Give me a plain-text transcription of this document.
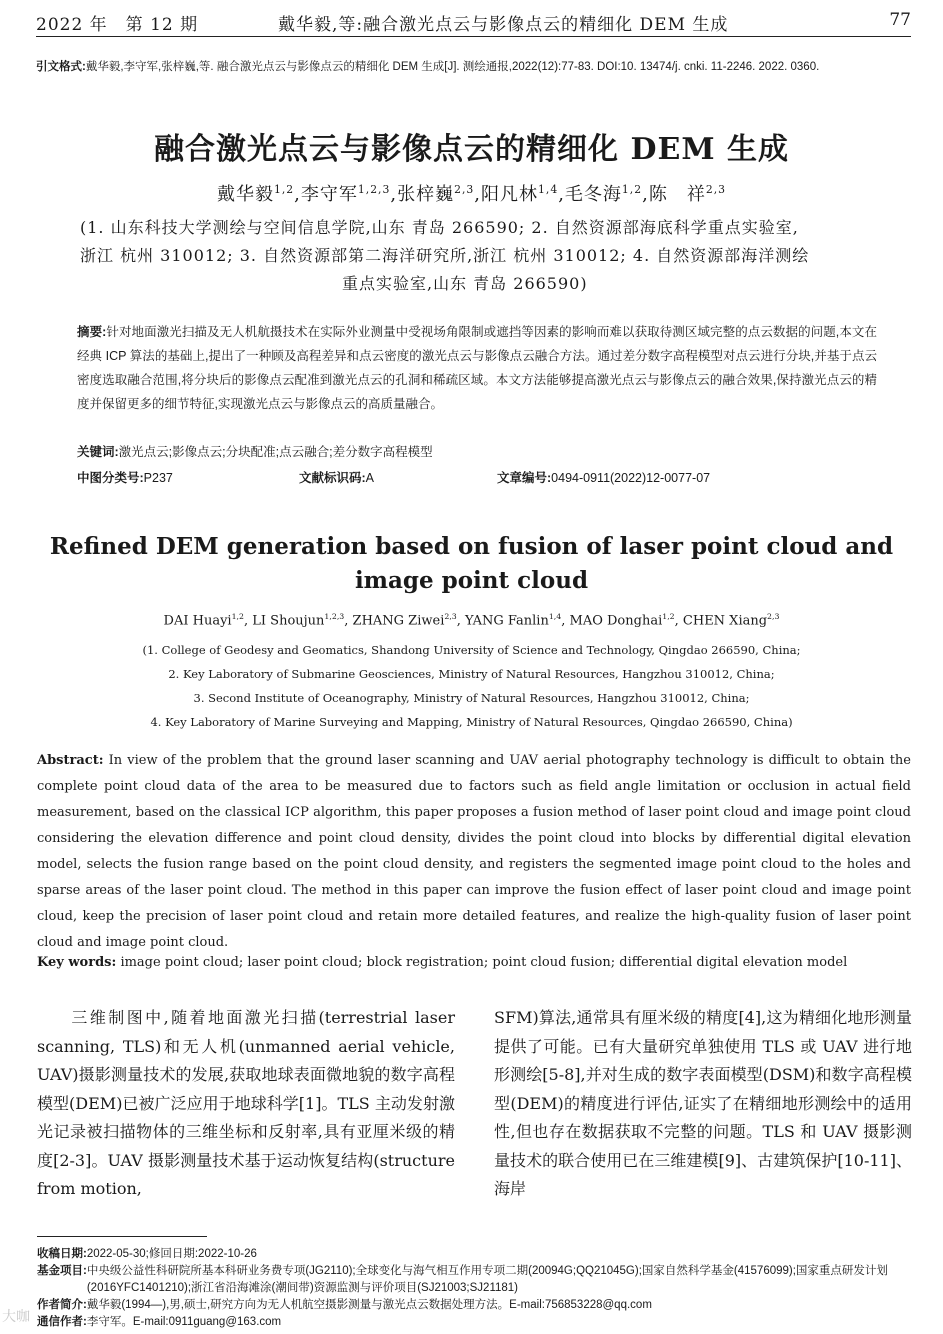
2022 年　第 12 期	戴华毅,等:融合激光点云与影像点云的精细化 DEM 生成	77
引文格式:戴华毅,李守军,张梓巍,等. 融合激光点云与影像点云的精细化 DEM 生成[J]. 测绘通报,2022(12):77-83. DOI:10. 13474/j. cnki. 11-2246. 2022. 0360.
融合激光点云与影像点云的精细化 DEM 生成
戴华毅$^{1,2}$,李守军$^{1,2,3}$,张梓巍$^{2,3}$,阳凡林$^{1,4}$,毛冬海$^{1,2}$,陈　祥$^{2,3}$
(1. 山东科技大学测绘与空间信息学院,山东 青岛 266590; 2. 自然资源部海底科学重点实验室,
浙江 杭州 310012; 3. 自然资源部第二海洋研究所,浙江 杭州 310012; 4. 自然资源部海洋测绘
重点实验室,山东 青岛 266590)
摘要:针对地面激光扫描及无人机航摄技术在实际外业测量中受视场角限制或遮挡等因素的影响而难以获取待测区域完整的点云数据的问题,本文在经典 ICP 算法的基础上,提出了一种顾及高程差异和点云密度的激光点云与影像点云融合方法。通过差分数字高程模型对点云进行分块,并基于点云密度选取融合范围,将分块后的影像点云配准到激光点云的孔洞和稀疏区域。本文方法能够提高激光点云与影像点云的融合效果,保持激光点云的精度并保留更多的细节特征,实现激光点云与影像点云的高质量融合。
关键词:激光点云;影像点云;分块配准;点云融合;差分数字高程模型
中图分类号:P237	文献标识码:A	文章编号:0494-0911(2022)12-0077-07
Refined DEM generation based on fusion of laser point cloud and
image point cloud
DAI Huayi$^{1,2}$, LI Shoujun$^{1,2,3}$, ZHANG Ziwei$^{2,3}$, YANG Fanlin$^{1,4}$, MAO Donghai$^{1,2}$, CHEN Xiang$^{2,3}$
(1. College of Geodesy and Geomatics, Shandong University of Science and Technology, Qingdao 266590, China;
2. Key Laboratory of Submarine Geosciences, Ministry of Natural Resources, Hangzhou 310012, China;
3. Second Institute of Oceanography, Ministry of Natural Resources, Hangzhou 310012, China;
4. Key Laboratory of Marine Surveying and Mapping, Ministry of Natural Resources, Qingdao 266590, China)
Abstract: In view of the problem that the ground laser scanning and UAV aerial photography technology is difficult to obtain the complete point cloud data of the area to be measured due to factors such as field angle limitation or occlusion in actual field measurement, based on the classical ICP algorithm, this paper proposes a fusion method of laser point cloud and image point cloud considering the elevation difference and point cloud density, divides the point cloud into blocks by differential digital elevation model, selects the fusion range based on the point cloud density, and registers the segmented image point cloud to the holes and sparse areas of the laser point cloud. The method in this paper can improve the fusion effect of laser point cloud and image point cloud, keep the precision of laser point cloud and retain more detailed features, and realize the high-quality fusion of laser point cloud and image point cloud.
Key words: image point cloud; laser point cloud; block registration; point cloud fusion; differential digital elevation model
三维制图中,随着地面激光扫描(terrestrial laser scanning, TLS)和无人机(unmanned aerial vehicle, UAV)摄影测量技术的发展,获取地球表面微地貌的数字高程模型(DEM)已被广泛应用于地球科学[1]。TLS 主动发射激光记录被扫描物体的三维坐标和反射率,具有亚厘米级的精度[2-3]。UAV 摄影测量技术基于运动恢复结构(structure from motion,
SFM)算法,通常具有厘米级的精度[4],这为精细化地形测量提供了可能。已有大量研究单独使用 TLS 或 UAV 进行地形测绘[5-8],并对生成的数字表面模型(DSM)和数字高程模型(DEM)的精度进行评估,证实了在精细地形测绘中的适用性,但也存在数据获取不完整的问题。TLS 和 UAV 摄影测量技术的联合使用已在三维建模[9]、古建筑保护[10-11]、海岸
收稿日期: 2022-05-30;修回日期:2022-10-26
基金项目: 中央级公益性科研院所基本科研业务费专项(JG2110);全球变化与海气相互作用专项二期(20094G;QQ21045G);国家自然科学基金(41576099);国家重点研发计划(2016YFC1401210);浙江省沿海滩涂(潮间带)资源监测与评价项目(SJ21003;SJ21181)
作者简介: 戴华毅(1994—),男,硕士,研究方向为无人机航空摄影测量与激光点云数据处理方法。E-mail:756853228@qq.com
通信作者: 李守军。E-mail:0911guang@163.com
大咖
